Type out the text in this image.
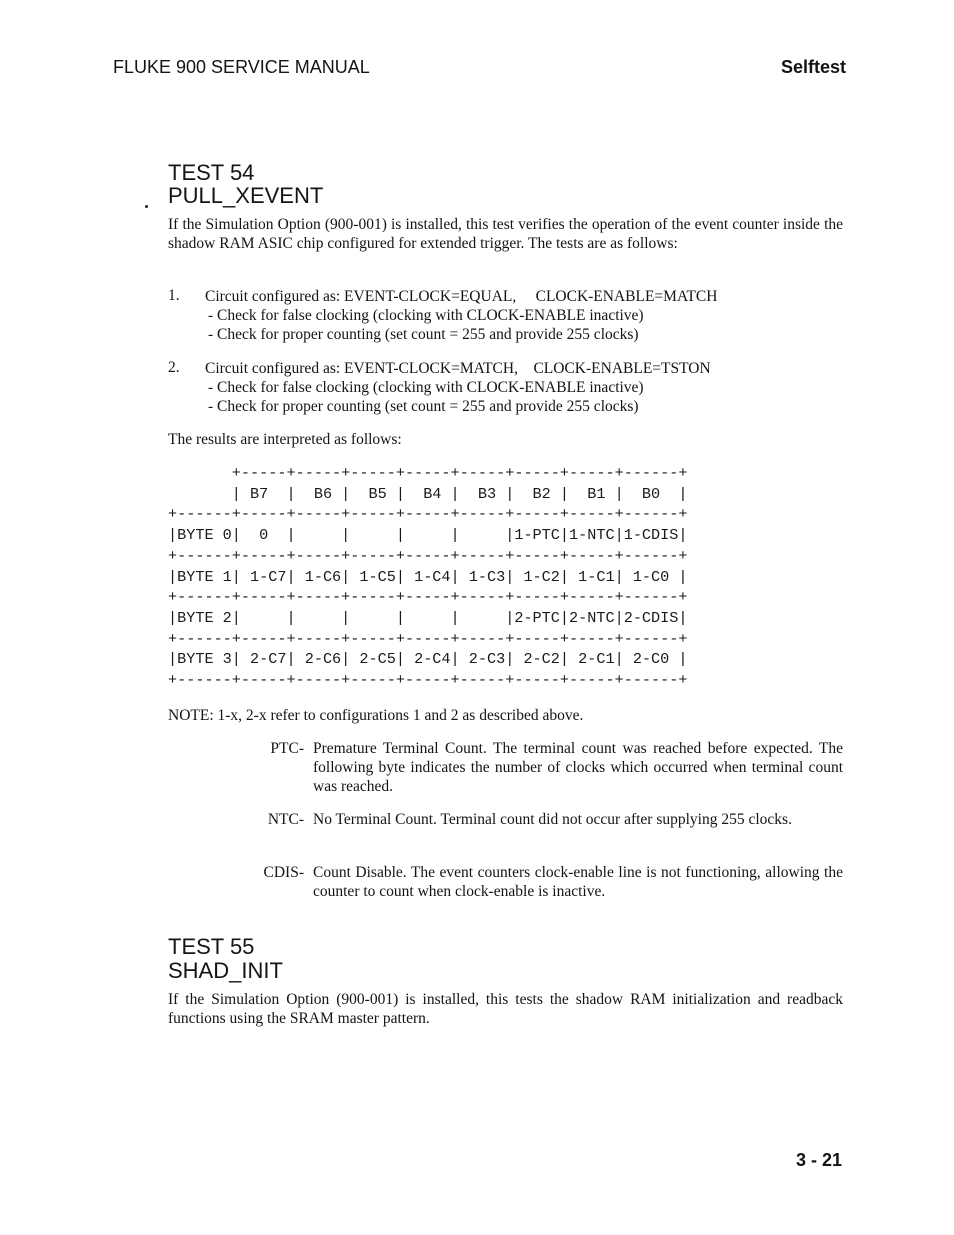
FLUKE 900 SERVICE MANUAL	Selftest
TEST 54
PULL_XEVENT
If the Simulation Option (900-001) is installed, this test verifies the operation of the event counter inside the shadow RAM ASIC chip configured for extended trigger. The tests are as follows:
1. Circuit configured as: EVENT-CLOCK=EQUAL,     CLOCK-ENABLE=MATCH
- Check for false clocking (clocking with CLOCK-ENABLE inactive)
- Check for proper counting (set count = 255 and provide 255 clocks)
2. Circuit configured as: EVENT-CLOCK=MATCH,    CLOCK-ENABLE=TSTON
- Check for false clocking (clocking with CLOCK-ENABLE inactive)
- Check for proper counting (set count = 255 and provide 255 clocks)
The results are interpreted as follows:
+-----+-----+-----+-----+-----+-----+-----+------+
| B7  |  B6 |  B5 |  B4 |  B3 |  B2 |  B1 |  B0  |
+------+-----+-----+-----+-----+-----+-----+-----+------+
|BYTE 0|  0  |     |     |     |     |1-PTC|1-NTC|1-CDIS|
+------+-----+-----+-----+-----+-----+-----+-----+------+
|BYTE 1| 1-C7| 1-C6| 1-C5| 1-C4| 1-C3| 1-C2| 1-C1| 1-C0 |
+------+-----+-----+-----+-----+-----+-----+-----+------+
|BYTE 2|     |     |     |     |     |2-PTC|2-NTC|2-CDIS|
+------+-----+-----+-----+-----+-----+-----+-----+------+
|BYTE 3| 2-C7| 2-C6| 2-C5| 2-C4| 2-C3| 2-C2| 2-C1| 2-C0 |
+------+-----+-----+-----+-----+-----+-----+-----+------+
NOTE: 1-x, 2-x refer to configurations 1 and 2 as described above.
PTC- Premature Terminal Count. The terminal count was reached before expected. The following byte indicates the number of clocks which occurred when terminal count was reached.
NTC- No Terminal Count. Terminal count did not occur after supplying 255 clocks.
CDIS- Count Disable. The event counters clock-enable line is not functioning, allowing the counter to count when clock-enable is inactive.
TEST 55
SHAD_INIT
If the Simulation Option (900-001) is installed, this tests the shadow RAM initialization and readback functions using the SRAM master pattern.
3 - 21
